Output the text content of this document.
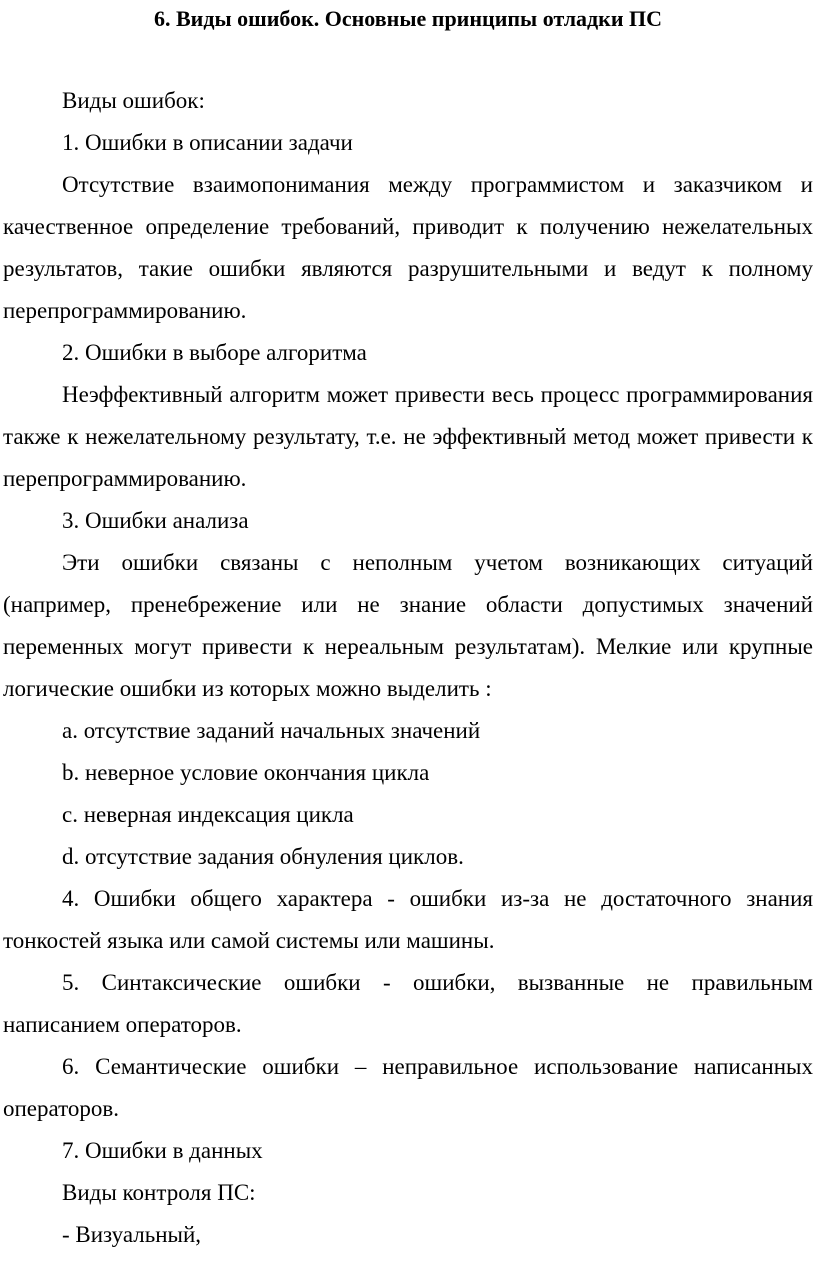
6. Виды ошибок. Основные принципы отладки ПС

Виды ошибок:

1. Ошибки в описании задачи

Отсутствие взаимопонимания между программистом и заказчиком и качественное определение требований, приводит к получению нежелательных результатов, такие ошибки являются разрушительными и ведут к полному перепрограммированию.

2. Ошибки в выборе алгоритма

Неэффективный алгоритм может привести весь процесс программирования также к нежелательному результату, т.е. не эффективный метод может привести к перепрограммированию.

3. Ошибки анализа

Эти ошибки связаны с неполным учетом возникающих ситуаций (например, пренебрежение или не знание области допустимых значений переменных могут привести к нереальным результатам). Мелкие или крупные логические ошибки из которых можно выделить :

a. отсутствие заданий начальных значений

b. неверное условие окончания цикла

c. неверная индексация цикла

d. отсутствие задания обнуления циклов.

4. Ошибки общего характера - ошибки из-за не достаточного знания тонкостей языка или самой системы или машины.

5. Синтаксические ошибки - ошибки, вызванные не правильным написанием операторов.

6. Семантические ошибки – неправильное использование написанных операторов.

7. Ошибки в данных

Виды контроля ПС:

- Визуальный,
